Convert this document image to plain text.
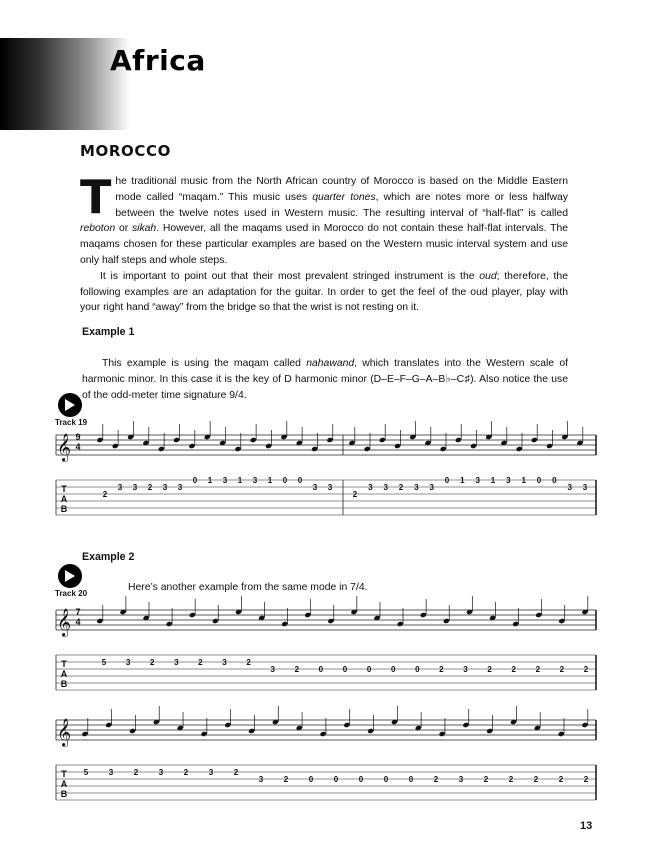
Africa
MOROCCO

The traditional music from the North African country of Morocco is based on the Middle Eastern mode called “maqam.” This music uses quarter tones, which are notes more or less halfway between the twelve notes used in Western music. The resulting interval of “half-flat” is called reboton or sikah. However, all the maqams used in Morocco do not contain these half-flat intervals. The maqams chosen for these particular examples are based on the Western music interval system and use only half steps and whole steps.

It is important to point out that their most prevalent stringed instrument is the oud; therefore, the following examples are an adaptation for the guitar. In order to get the feel of the oud player, play with your right hand “away” from the bridge so that the wrist is not resting on it.

Example 1
This example is using the maqam called nahawand, which translates into the Western scale of harmonic minor. In this case it is the key of D harmonic minor (D–E–F–G–A–B♭–C♯). Also notice the use of the odd-meter time signature 9/4.
Track 19
Example 2
Here’s another example from the same mode in 7/4.
Track 20
𝄞 9
4
T
A
B
𝄞 7
4
T
A
B
𝄞
T
A
B
2
3 3 2 3 3
0 1 3 1 3 1 0 0
3 3
2
3 3 2 3 3
0 1 3 1 3 1 0 0
3 3
5 3 2 3 2 3 2
3 2 0 0 0 0 0 2 3 2 2 2 2 2
5	3	2	3	2	3	2
3	2	0	0	0	0	0	2	3	2	2	2	2	2
13
